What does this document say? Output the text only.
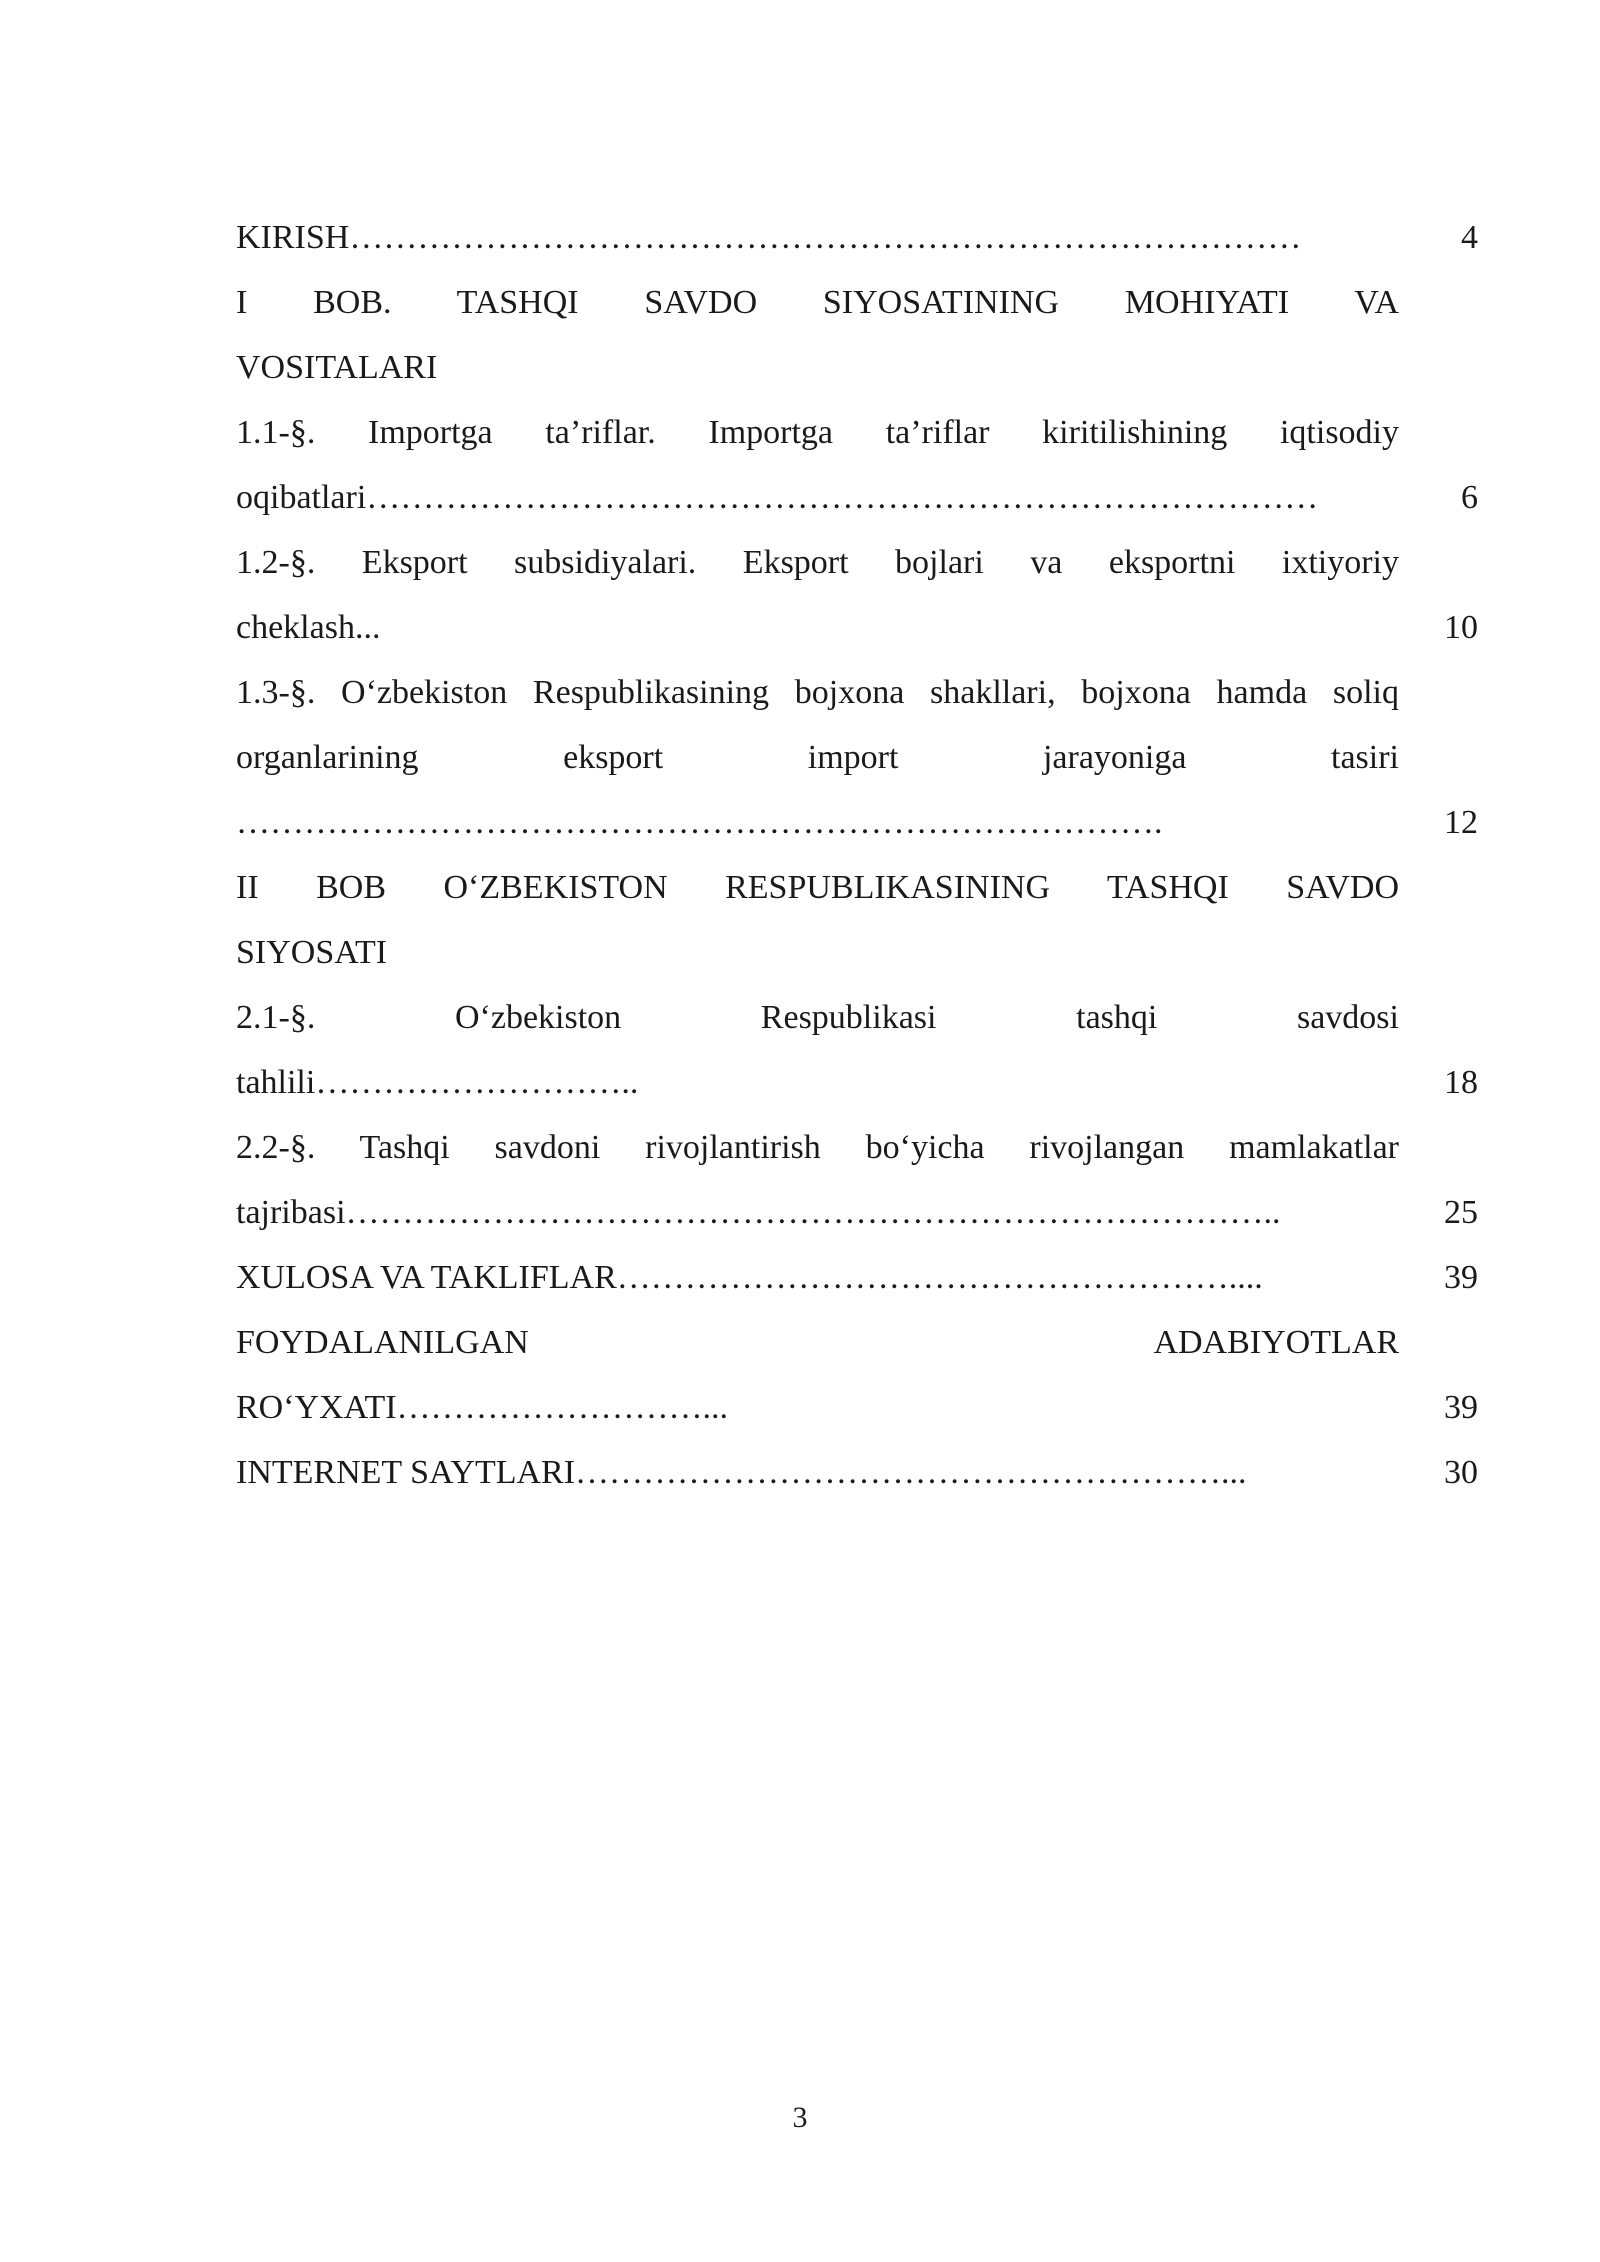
KIRISH…………………………………………………………………………	4
I BOB. TASHQI SAVDO SIYOSATINING MOHIYATI VA
VOSITALARI
1.1-§. Importga ta’riflar. Importga ta’riflar kiritilishining iqtisodiy
oqibatlari…………………………………………………………………………	6
1.2-§. Eksport subsidiyalari. Eksport bojlari va eksportni ixtiyoriy
cheklash...	10
1.3-§. O‘zbekiston Respublikasining bojxona shakllari, bojxona hamda soliq
organlarining eksport import jarayoniga tasiri
……………………………………………………………………….	12
II BOB O‘ZBEKISTON RESPUBLIKASINING TASHQI SAVDO
SIYOSATI
2.1-§. O‘zbekiston Respublikasi tashqi savdosi
tahlili………………………..	18
2.2-§. Tashqi savdoni rivojlantirish bo‘yicha rivojlangan mamlakatlar
tajribasi………………………………………………………………………..	25
XULOSA VA TAKLIFLAR………………………………………………....	39
FOYDALANILGAN ADABIYOTLAR
RO‘YXATI………………………...	39
INTERNET SAYTLARI…………………………………………………...	30
3
